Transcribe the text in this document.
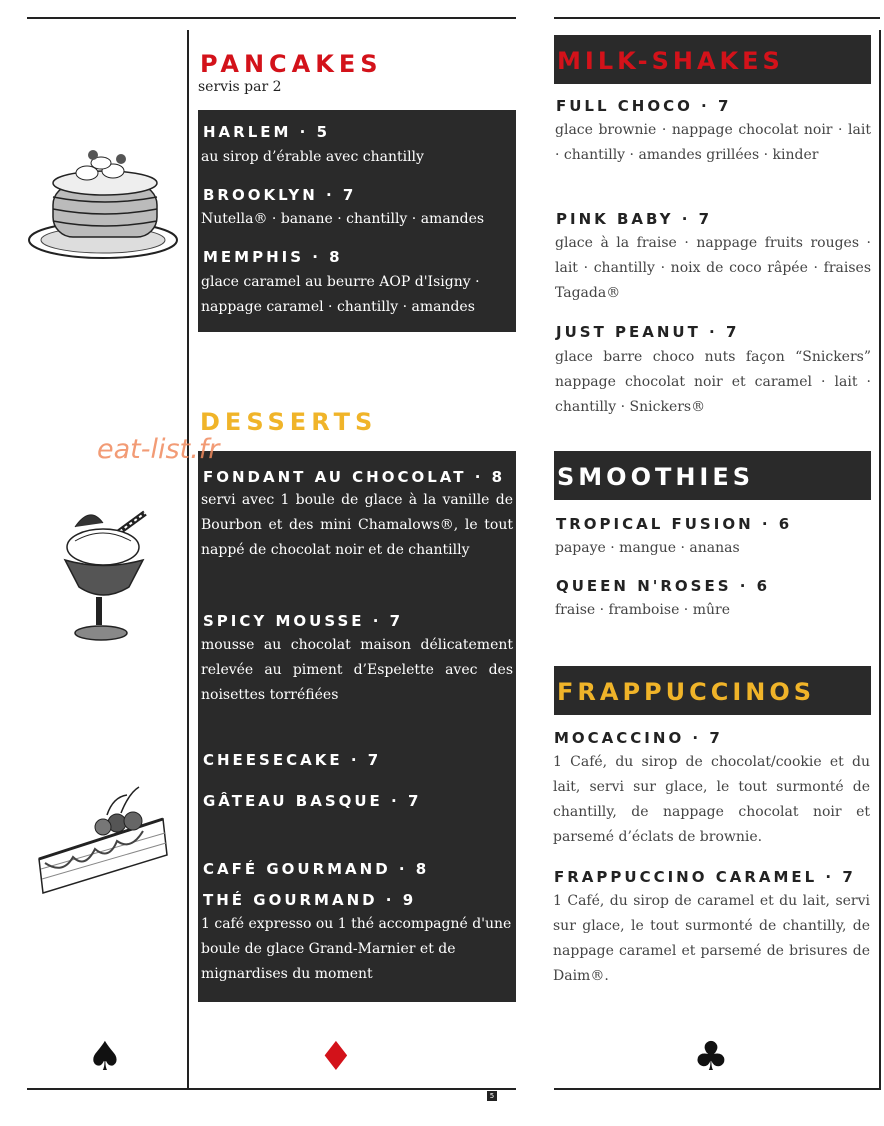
PANCAKES
servis par 2
HARLEM · 5

au sirop d’érable avec chantilly

BROOKLYN · 7

Nutella® · banane · chantilly · amandes

MEMPHIS · 8

glace caramel au beurre AOP d'Isigny · nappage caramel · chantilly · amandes

DESSERTS
FONDANT AU CHOCOLAT · 8

servi avec 1 boule de glace à la vanille de Bourbon et des mini Chamalows®, le tout nappé de chocolat noir et de chantilly

SPICY MOUSSE · 7

mousse au chocolat maison délicatement relevée au piment d’Espelette avec des noisettes torréfiées

CHEESECAKE · 7
GÂTEAU BASQUE · 7
CAFÉ GOURMAND · 8
THÉ GOURMAND · 9

1 café expresso ou 1 thé accompagné d'une boule de glace Grand-Marnier et de mignardises du moment

eat-list.fr
MILK-SHAKES
FULL CHOCO · 7

glace brownie · nappage chocolat noir · lait · chantilly · amandes grillées · kinder

PINK BABY · 7

glace à la fraise · nappage fruits rouges · lait · chantilly · noix de coco râpée · fraises Tagada®

JUST PEANUT · 7

glace barre choco nuts façon “Snickers” nappage chocolat noir et caramel · lait · chantilly · Snickers®

SMOOTHIES
TROPICAL FUSION · 6

papaye · mangue · ananas

QUEEN N'ROSES · 6

fraise · framboise · mûre

FRAPPUCCINOS
MOCACCINO · 7

1 Café, du sirop de chocolat/cookie et du lait, servi sur glace, le tout surmonté de chantilly, de nappage chocolat noir et parsemé d’éclats de brownie.

FRAPPUCCINO CARAMEL · 7

1 Café, du sirop de caramel et du lait, servi sur glace, le tout surmonté de chantilly, de nappage caramel et parsemé de brisures de Daim®.

♠	♦	♣
5
